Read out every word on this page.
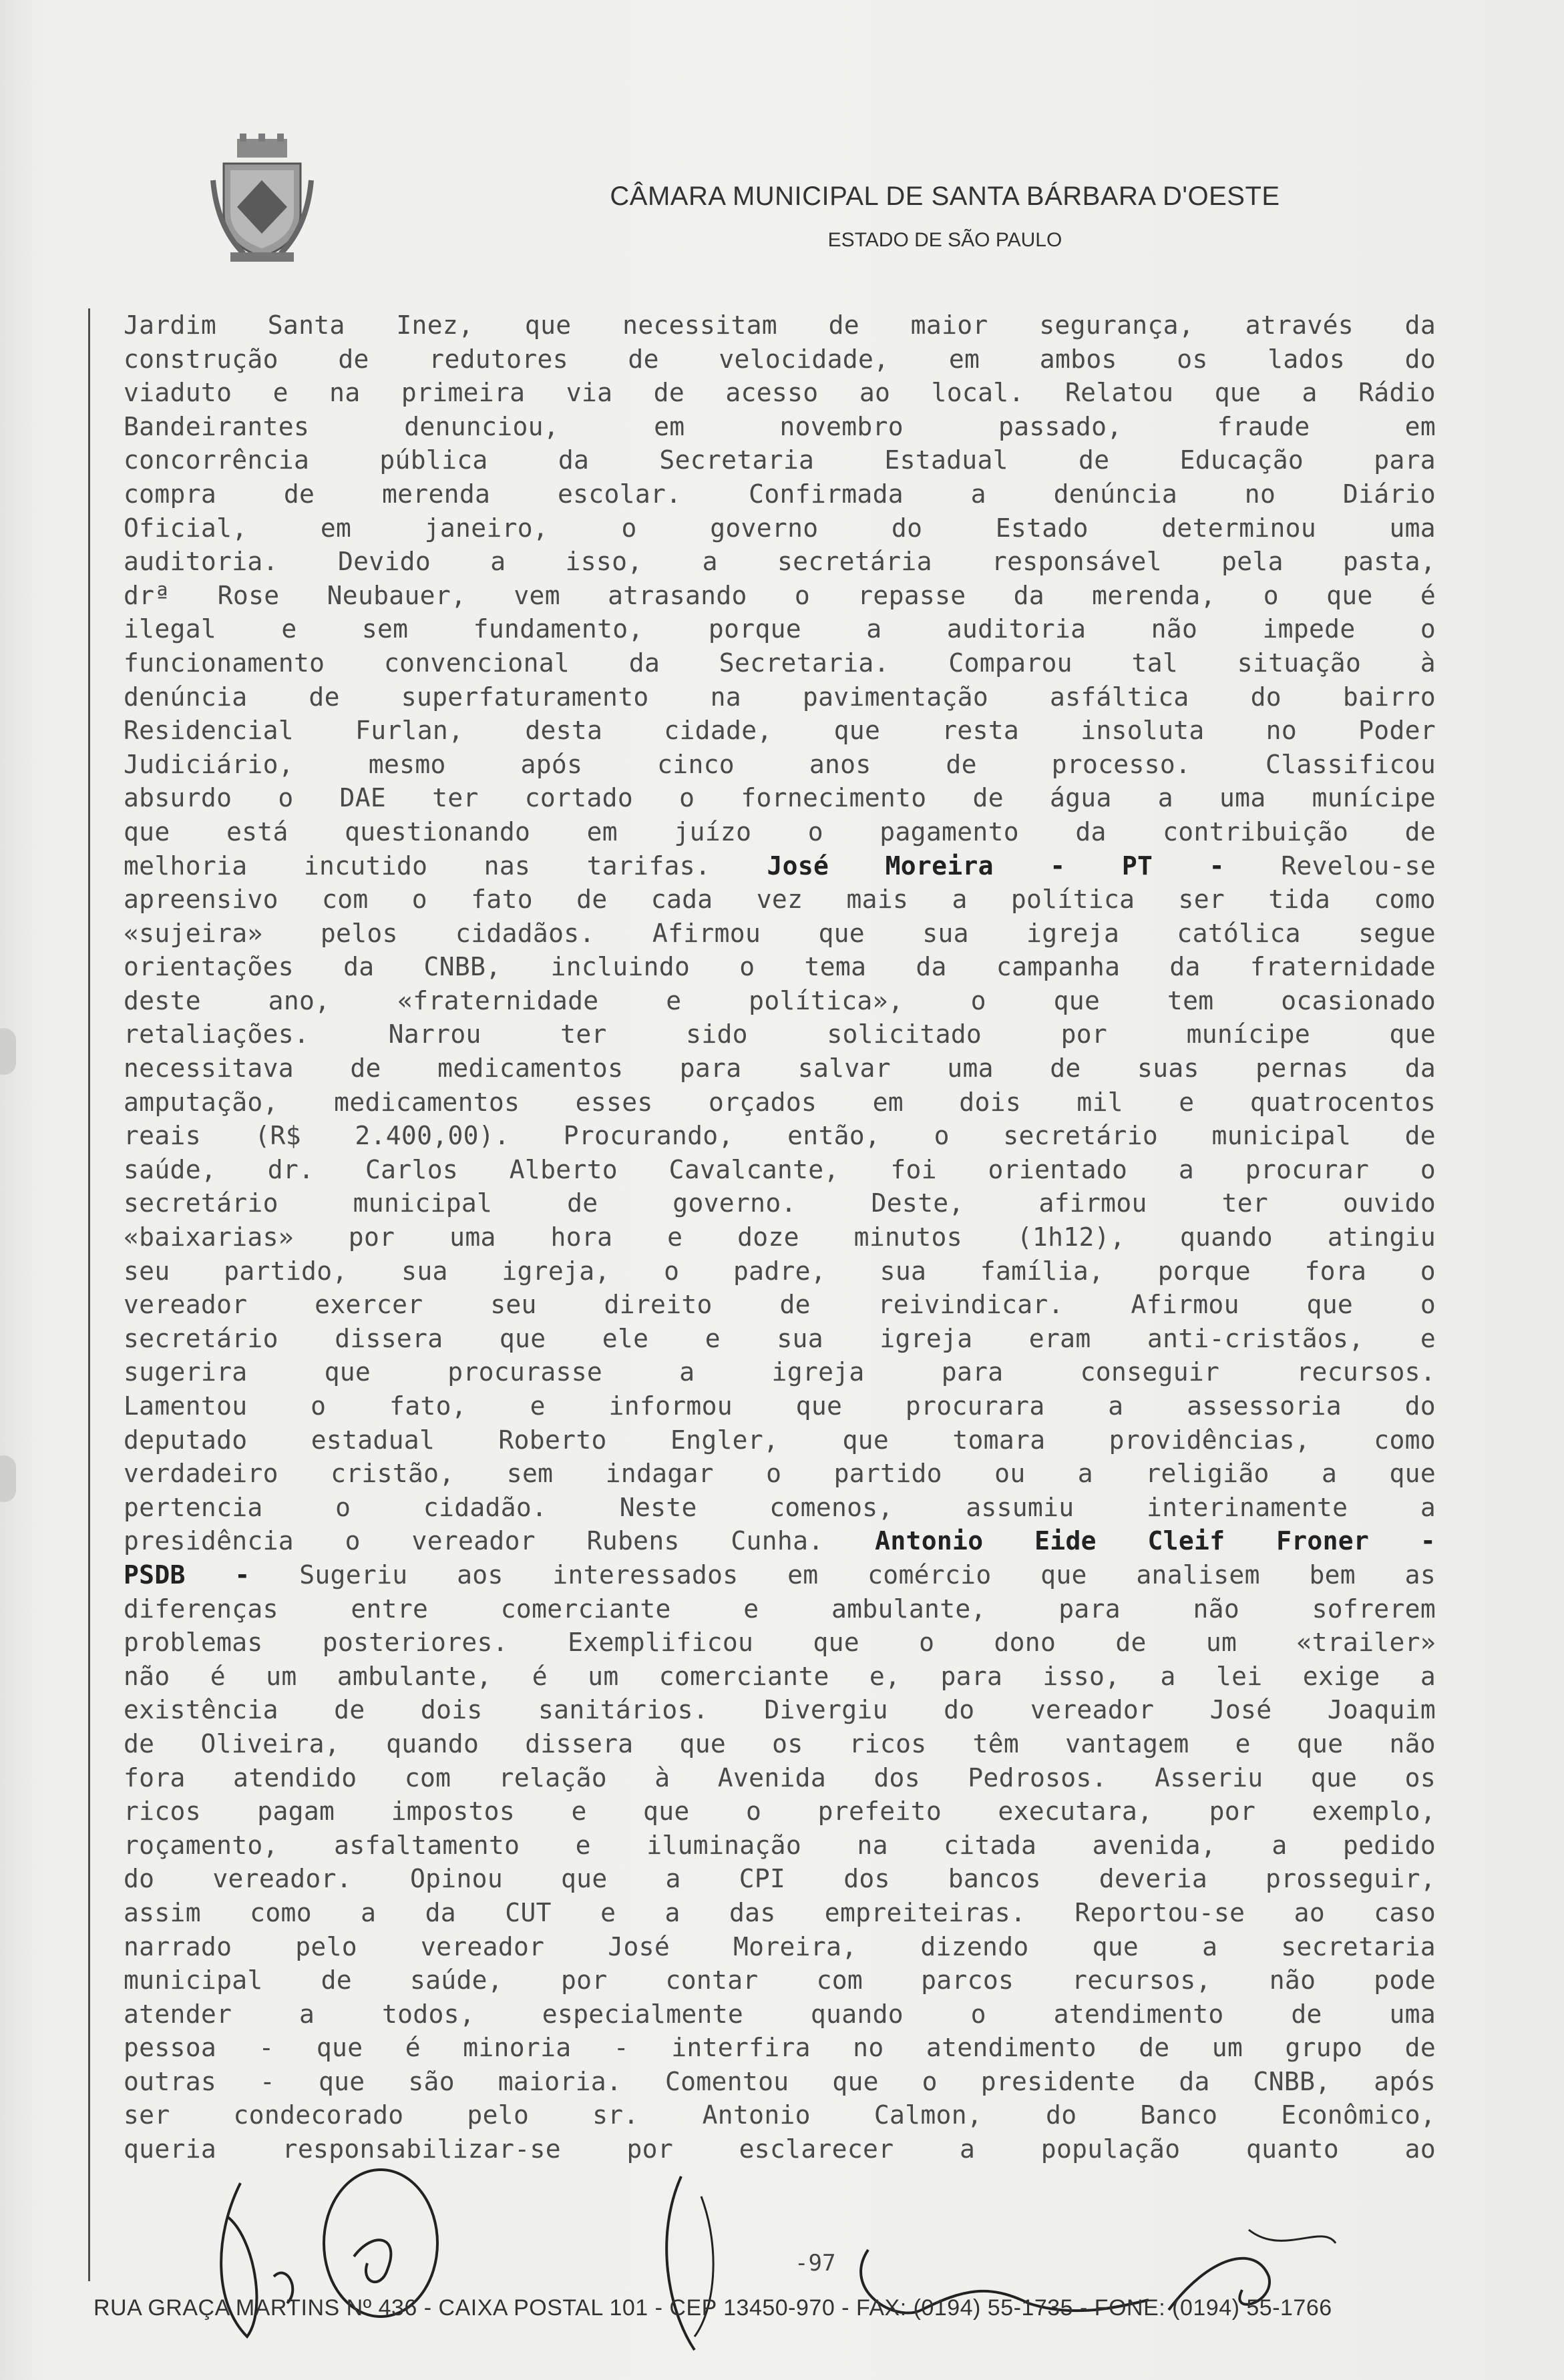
CÂMARA MUNICIPAL DE SANTA BÁRBARA D'OESTE
ESTADO DE SÃO PAULO
Jardim Santa Inez, que necessitam de maior segurança, através da
construção de redutores de velocidade, em ambos os lados do
viaduto e na primeira via de acesso ao local. Relatou que a Rádio
Bandeirantes denunciou, em novembro passado, fraude em
concorrência pública da Secretaria Estadual de Educação para
compra de merenda escolar. Confirmada a denúncia no Diário
Oficial, em janeiro, o governo do Estado determinou uma
auditoria. Devido a isso, a secretária responsável pela pasta,
drª Rose Neubauer, vem atrasando o repasse da merenda, o que é
ilegal e sem fundamento, porque a auditoria não impede o
funcionamento convencional da Secretaria. Comparou tal situação à
denúncia de superfaturamento na pavimentação asfáltica do bairro
Residencial Furlan, desta cidade, que resta insoluta no Poder
Judiciário, mesmo após cinco anos de processo. Classificou
absurdo o DAE ter cortado o fornecimento de água a uma munícipe
que está questionando em juízo o pagamento da contribuição de
melhoria incutido nas tarifas. José Moreira - PT - Revelou-se
apreensivo com o fato de cada vez mais a política ser tida como
«sujeira» pelos cidadãos. Afirmou que sua igreja católica segue
orientações da CNBB, incluindo o tema da campanha da fraternidade
deste ano, «fraternidade e política», o que tem ocasionado
retaliações. Narrou ter sido solicitado por munícipe que
necessitava de medicamentos para salvar uma de suas pernas da
amputação, medicamentos esses orçados em dois mil e quatrocentos
reais (R$ 2.400,00). Procurando, então, o secretário municipal de
saúde, dr. Carlos Alberto Cavalcante, foi orientado a procurar o
secretário municipal de governo. Deste, afirmou ter ouvido
«baixarias» por uma hora e doze minutos (1h12), quando atingiu
seu partido, sua igreja, o padre, sua família, porque fora o
vereador exercer seu direito de reivindicar. Afirmou que o
secretário dissera que ele e sua igreja eram anti-cristãos, e
sugerira que procurasse a igreja para conseguir recursos.
Lamentou o fato, e informou que procurara a assessoria do
deputado estadual Roberto Engler, que tomara providências, como
verdadeiro cristão, sem indagar o partido ou a religião a que
pertencia o cidadão. Neste comenos, assumiu interinamente a
presidência o vereador Rubens Cunha. Antonio Eide Cleif Froner -
PSDB - Sugeriu aos interessados em comércio que analisem bem as
diferenças entre comerciante e ambulante, para não sofrerem
problemas posteriores. Exemplificou que o dono de um «trailer»
não é um ambulante, é um comerciante e, para isso, a lei exige a
existência de dois sanitários. Divergiu do vereador José Joaquim
de Oliveira, quando dissera que os ricos têm vantagem e que não
fora atendido com relação à Avenida dos Pedrosos. Asseriu que os
ricos pagam impostos e que o prefeito executara, por exemplo,
roçamento, asfaltamento e iluminação na citada avenida, a pedido
do vereador. Opinou que a CPI dos bancos deveria prosseguir,
assim como a da CUT e a das empreiteiras. Reportou-se ao caso
narrado pelo vereador José Moreira, dizendo que a secretaria
municipal de saúde, por contar com parcos recursos, não pode
atender a todos, especialmente quando o atendimento de uma
pessoa - que é minoria - interfira no atendimento de um grupo de
outras - que são maioria. Comentou que o presidente da CNBB, após
ser condecorado pelo sr. Antonio Calmon, do Banco Econômico,
queria responsabilizar-se por esclarecer a população quanto ao
-97
RUA GRAÇA MARTINS Nº 436 - CAIXA POSTAL 101 - CEP 13450-970 - FAX: (0194) 55-1735 - FONE: (0194) 55-1766
